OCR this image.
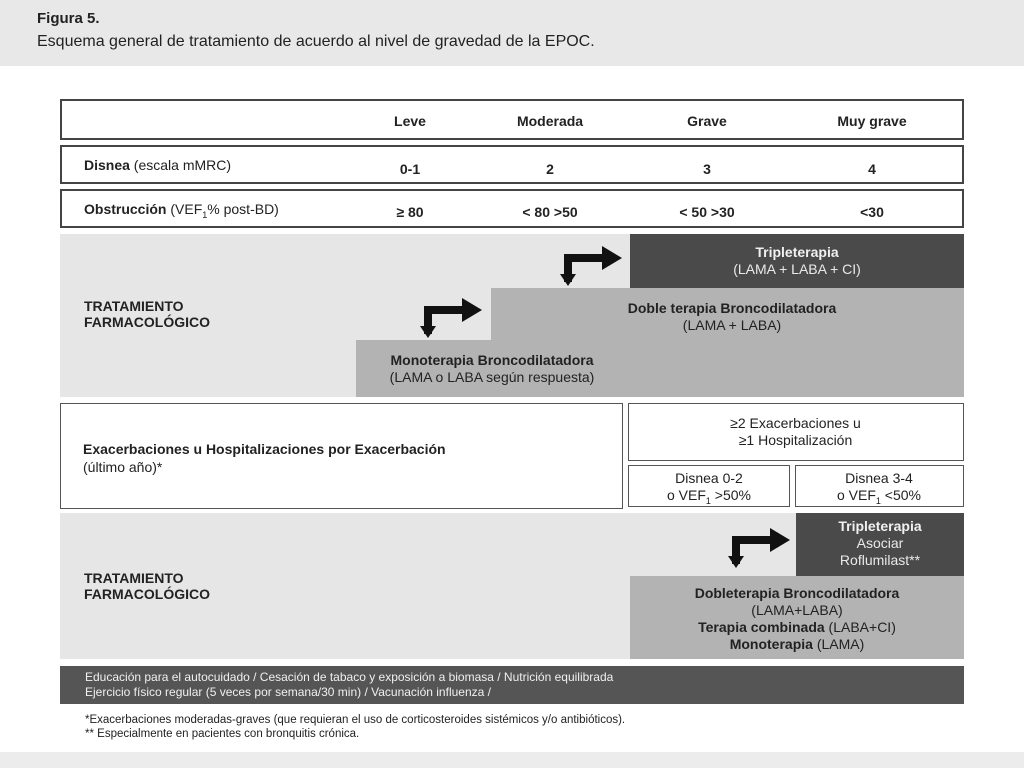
Figura 5.
Esquema general de tratamiento de acuerdo al nivel de gravedad de la EPOC.
Leve	Moderada	Grave	Muy grave
Disnea (escala mMRC)	0-1	2	3	4
Obstrucción ($VEF_1\%$ post-BD)	≥ 80	< 80 >50	< 50 >30	<30
TRATAMIENTO
FARMACOLÓGICO
Tripleterapia
(LAMA + LABA + CI)
Doble terapia Broncodilatadora
(LAMA + LABA)
Monoterapia Broncodilatadora
(LAMA o LABA según respuesta)
Exacerbaciones u Hospitalizaciones por Exacerbación
(último año)*
≥2 Exacerbaciones u
≥1 Hospitalización
Disnea 0-2
o $VEF_1 >50\%$
Disnea 3-4
o $VEF_1 <50\%$
TRATAMIENTO
FARMACOLÓGICO
Tripleterapia
Asociar
Roflumilast**
Dobleterapia Broncodilatadora
(LAMA+LABA)
Terapia combinada (LABA+CI)
Monoterapia (LAMA)
Educación para el autocuidado / Cesación de tabaco y exposición a biomasa / Nutrición equilibrada
Ejercicio físico regular (5 veces por semana/30 min) / Vacunación influenza /
*Exacerbaciones moderadas-graves (que requieran el uso de corticosteroides sistémicos y/o antibióticos).
** Especialmente en pacientes con bronquitis crónica.
